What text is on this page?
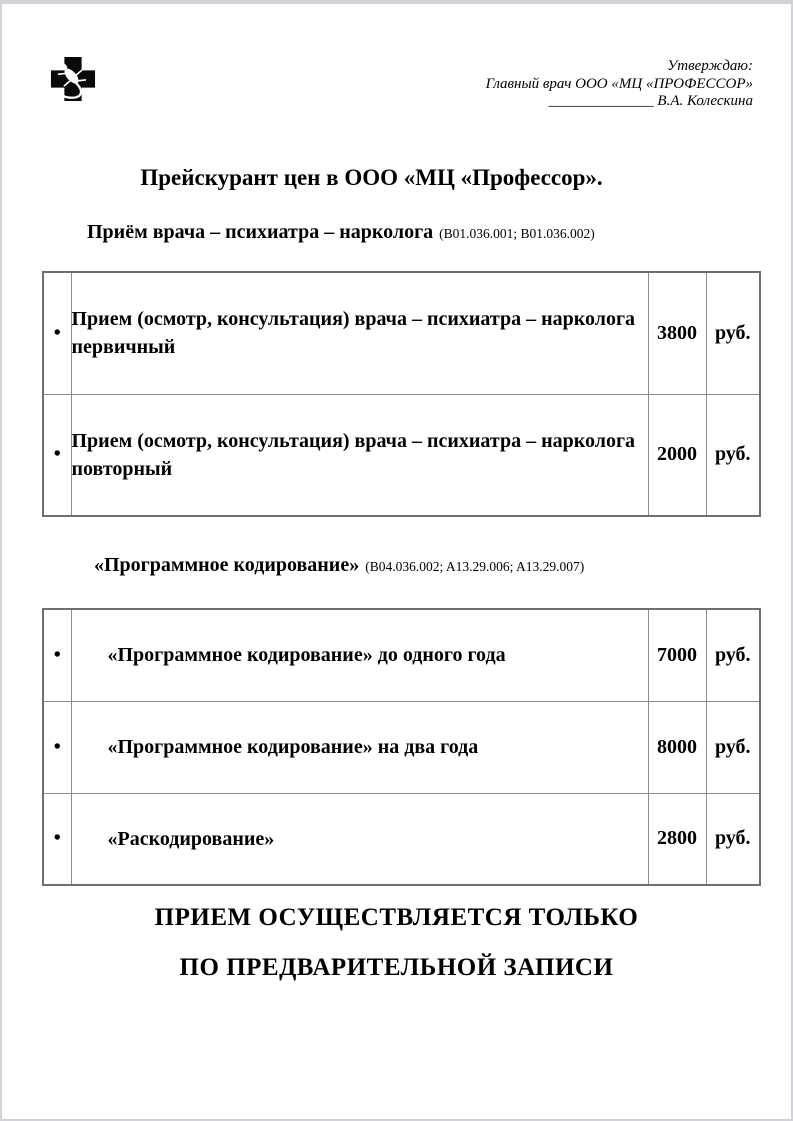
Утверждаю:
Главный врач ООО «МЦ «ПРОФЕССОР»
______________ В.А. Колескина
Прейскурант цен в ООО «МЦ «Профессор».
Приём врача – психиатра – нарколога (B01.036.001; B01.036.002)
•	Прием (осмотр, консультация) врача – психиатра – нарколога первичный	3800	руб.
•	Прием (осмотр, консультация) врача – психиатра – нарколога повторный	2000	руб.
«Программное кодирование» (B04.036.002; A13.29.006; A13.29.007)
•	«Программное кодирование» до одного года	7000	руб.
•	«Программное кодирование» на два года	8000	руб.
•	«Раскодирование»	2800	руб.
ПРИЕМ ОСУЩЕСТВЛЯЕТСЯ ТОЛЬКО
ПО ПРЕДВАРИТЕЛЬНОЙ ЗАПИСИ
